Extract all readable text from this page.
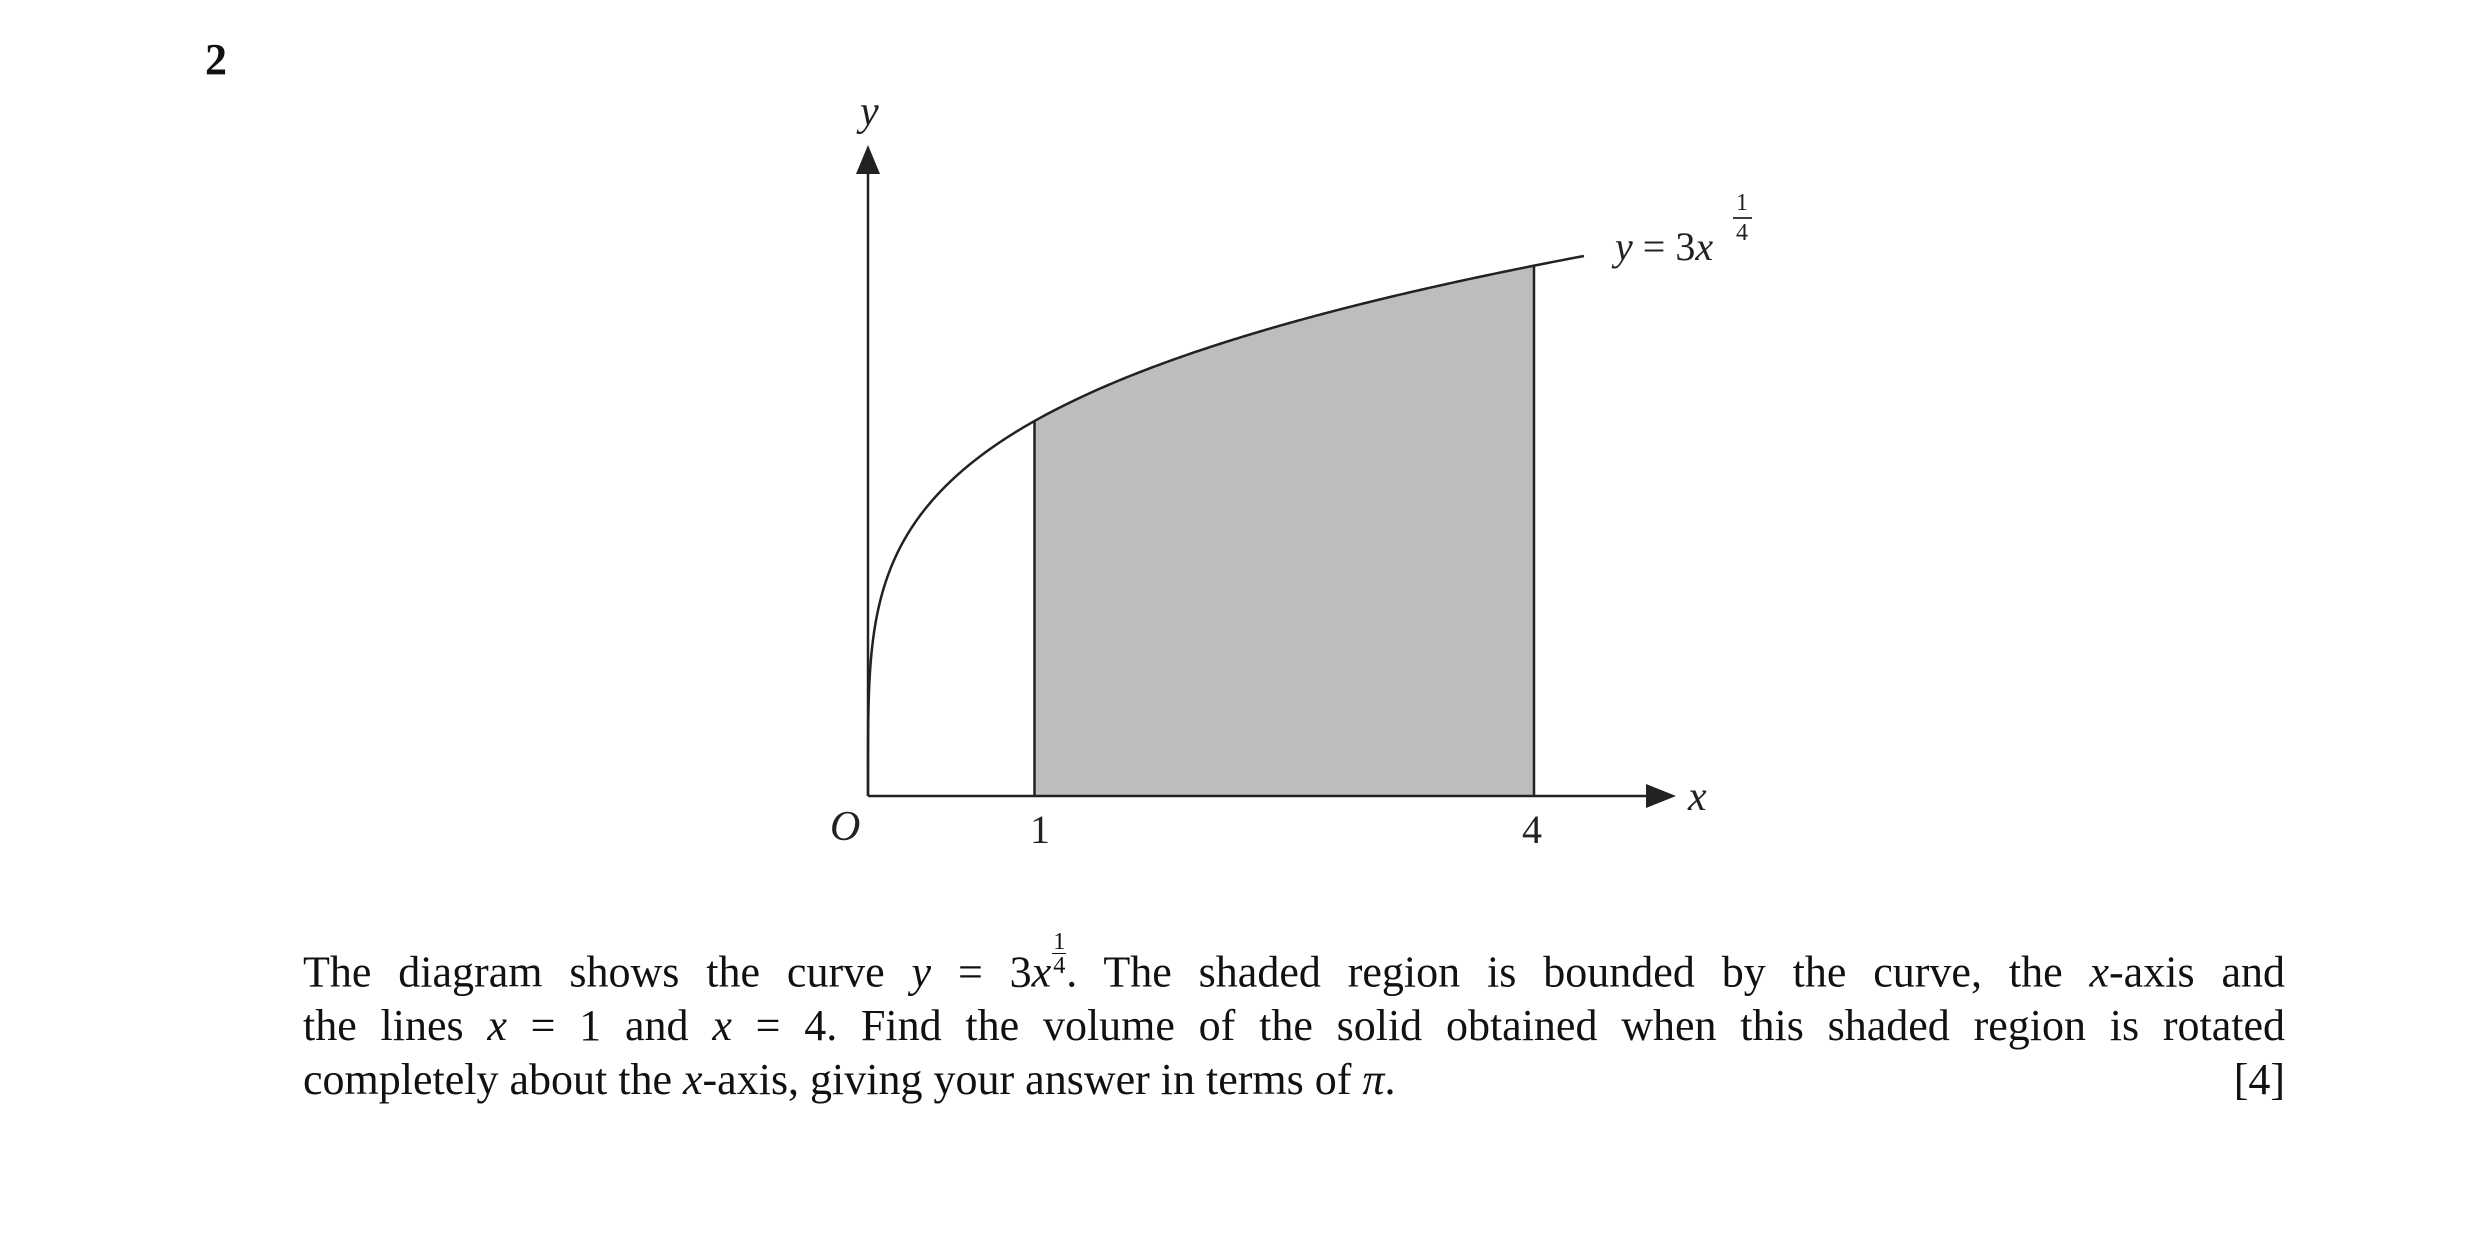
2
y
x
O	1	4
y = 3x
1
4
The diagram shows the curve $y = 3x \frac{1}{4}$ . The shaded region is bounded by the curve, the x-axis and
the lines x = 1 and x = 4. Find the volume of the solid obtained when this shaded region is rotated
completely about the x-axis, giving your answer in terms of π.	[4]
